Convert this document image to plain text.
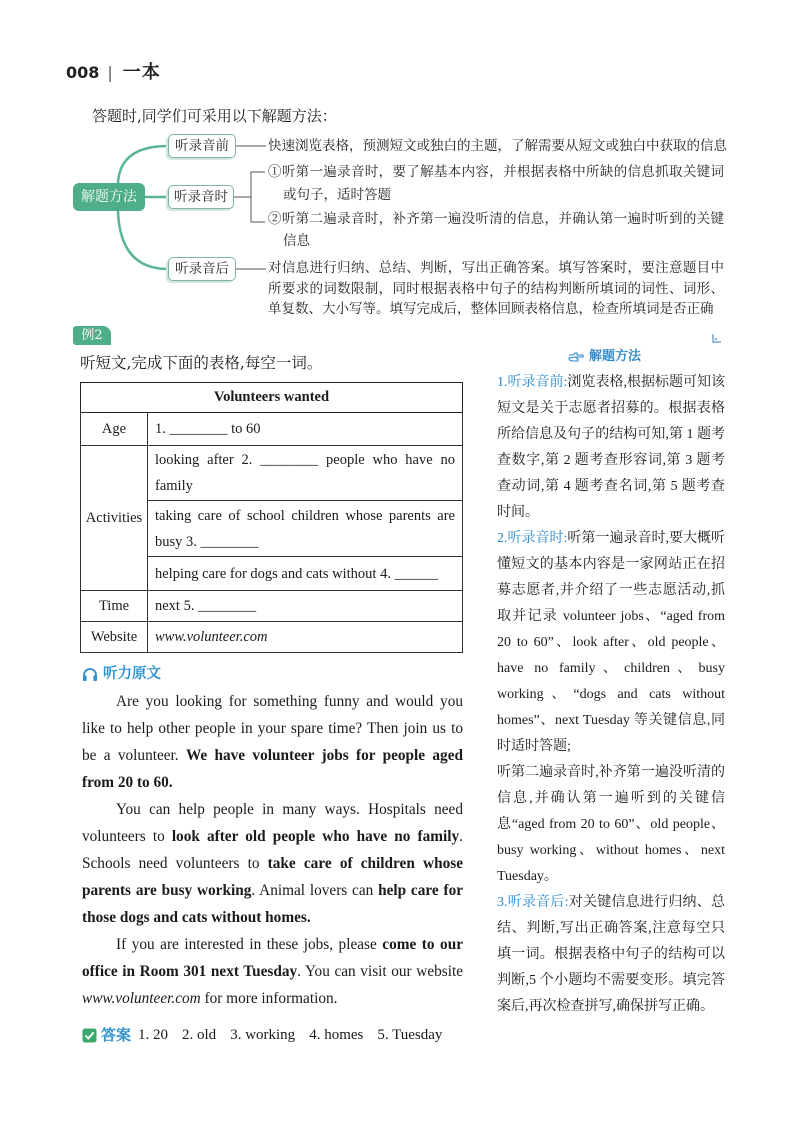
008 | 一本
答题时,同学们可采用以下解题方法：
解题方法
听录音前	快速浏览表格，预测短文或独白的主题，了解需要从短文或独白中获取的信息
听录音时
①听第一遍录音时，要了解基本内容，并根据表格中所缺的信息抓取关键词或句子，适时答题
②听第二遍录音时，补齐第一遍没听清的信息，并确认第一遍时听到的关键信息
听录音后	对信息进行归纳、总结、判断，写出正确答案。填写答案时，要注意题目中所要求的词数限制，同时根据表格中句子的结构判断所填词的词性、词形、单复数、大小写等。填写完成后，整体回顾表格信息，检查所填词是否正确
例2
听短文,完成下面的表格,每空一词。
Volunteers wanted	
Age	1. ________ to 60
Activities	looking after 2. ________ people who have no family
	taking care of school children whose parents are busy 3. ________
	helping care for dogs and cats without 4. ______
Time	next 5. ________
Website	www.volunteer.com
听力原文

Are you looking for something funny and would you like to help other people in your spare time? Then join us to be a volunteer. We have volunteer jobs for people aged from 20 to 60.

You can help people in many ways. Hospitals need volunteers to look after old people who have no family. Schools need volunteers to take care of children whose parents are busy working. Animal lovers can help care for those dogs and cats without homes.

If you are interested in these jobs, please come to our office in Room 301 next Tuesday. You can visit our website www.volunteer.com for more information.

答案 1. 20 2. old 3. working 4. homes 5. Tuesday
解题方法

1.听录音前:浏览表格,根据标题可知该短文是关于志愿者招募的。根据表格所给信息及句子的结构可知,第 1 题考查数字,第 2 题考查形容词,第 3 题考查动词,第 4 题考查名词,第 5 题考查时间。

2.听录音时:听第一遍录音时,要大概听懂短文的基本内容是一家网站正在招募志愿者,并介绍了一些志愿活动,抓取并记录 volunteer jobs、“aged from 20 to 60”、look after、old people、have no family、children、busy working、“dogs and cats without homes”、next Tuesday 等关键信息,同时适时答题;

听第二遍录音时,补齐第一遍没听清的信息,并确认第一遍听到的关键信息“aged from 20 to 60”、old people、busy working、without homes、next Tuesday。

3.听录音后:对关键信息进行归纳、总结、判断,写出正确答案,注意每空只填一词。根据表格中句子的结构可以判断,5 个小题均不需要变形。填完答案后,再次检查拼写,确保拼写正确。
